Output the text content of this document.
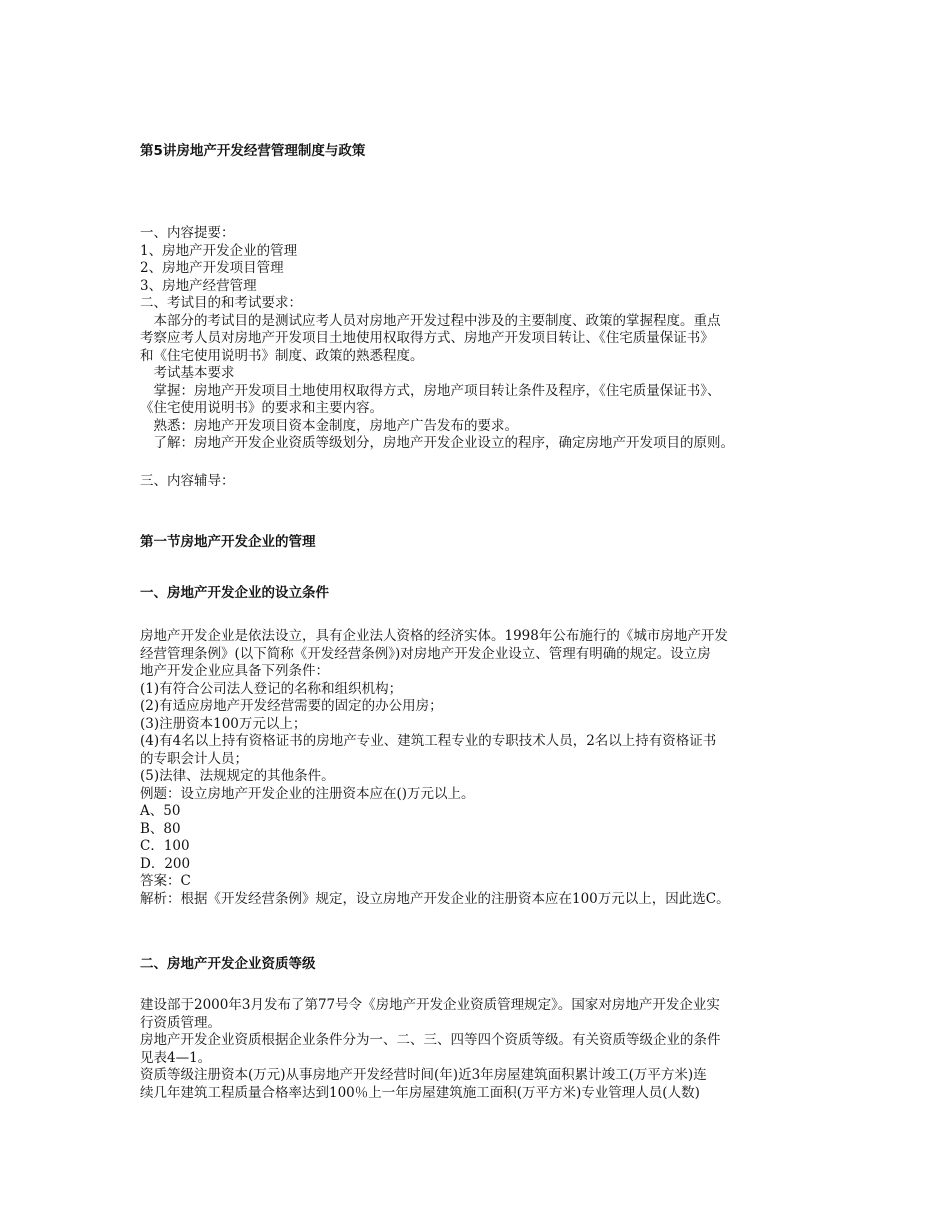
第5讲房地产开发经营管理制度与政策
一、内容提要：
1、房地产开发企业的管理
2、房地产开发项目管理
3、房地产经营管理
二、考试目的和考试要求：
　本部分的考试目的是测试应考人员对房地产开发过程中涉及的主要制度、政策的掌握程度。重点
考察应考人员对房地产开发项目土地使用权取得方式、房地产开发项目转让、《住宅质量保证书》
和《住宅使用说明书》制度、政策的熟悉程度。
　考试基本要求
　掌握：房地产开发项目土地使用权取得方式，房地产项目转让条件及程序，《住宅质量保证书》、
《住宅使用说明书》的要求和主要内容。
　熟悉：房地产开发项目资本金制度，房地产广告发布的要求。
　了解：房地产开发企业资质等级划分，房地产开发企业设立的程序，确定房地产开发项目的原则。
三、内容辅导：
第一节房地产开发企业的管理
一、房地产开发企业的设立条件
房地产开发企业是依法设立，具有企业法人资格的经济实体。1998年公布施行的《城市房地产开发
经营管理条例》(以下简称《开发经营条例》)对房地产开发企业设立、管理有明确的规定。设立房
地产开发企业应具备下列条件：
(1)有符合公司法人登记的名称和组织机构；
(2)有适应房地产开发经营需要的固定的办公用房；
(3)注册资本100万元以上；
(4)有4名以上持有资格证书的房地产专业、建筑工程专业的专职技术人员，2名以上持有资格证书
的专职会计人员；
(5)法律、法规规定的其他条件。
例题：设立房地产开发企业的注册资本应在()万元以上。
A、50
B、80
C．100
D．200
答案：C
解析：根据《开发经营条例》规定，设立房地产开发企业的注册资本应在100万元以上，因此选C。
二、房地产开发企业资质等级
建设部于2000年3月发布了第77号令《房地产开发企业资质管理规定》。国家对房地产开发企业实
行资质管理。
房地产开发企业资质根据企业条件分为一、二、三、四等四个资质等级。有关资质等级企业的条件
见表4—1。
资质等级注册资本(万元)从事房地产开发经营时间(年)近3年房屋建筑面积累计竣工(万平方米)连
续几年建筑工程质量合格率达到100％上一年房屋建筑施工面积(万平方米)专业管理人员(人数)
